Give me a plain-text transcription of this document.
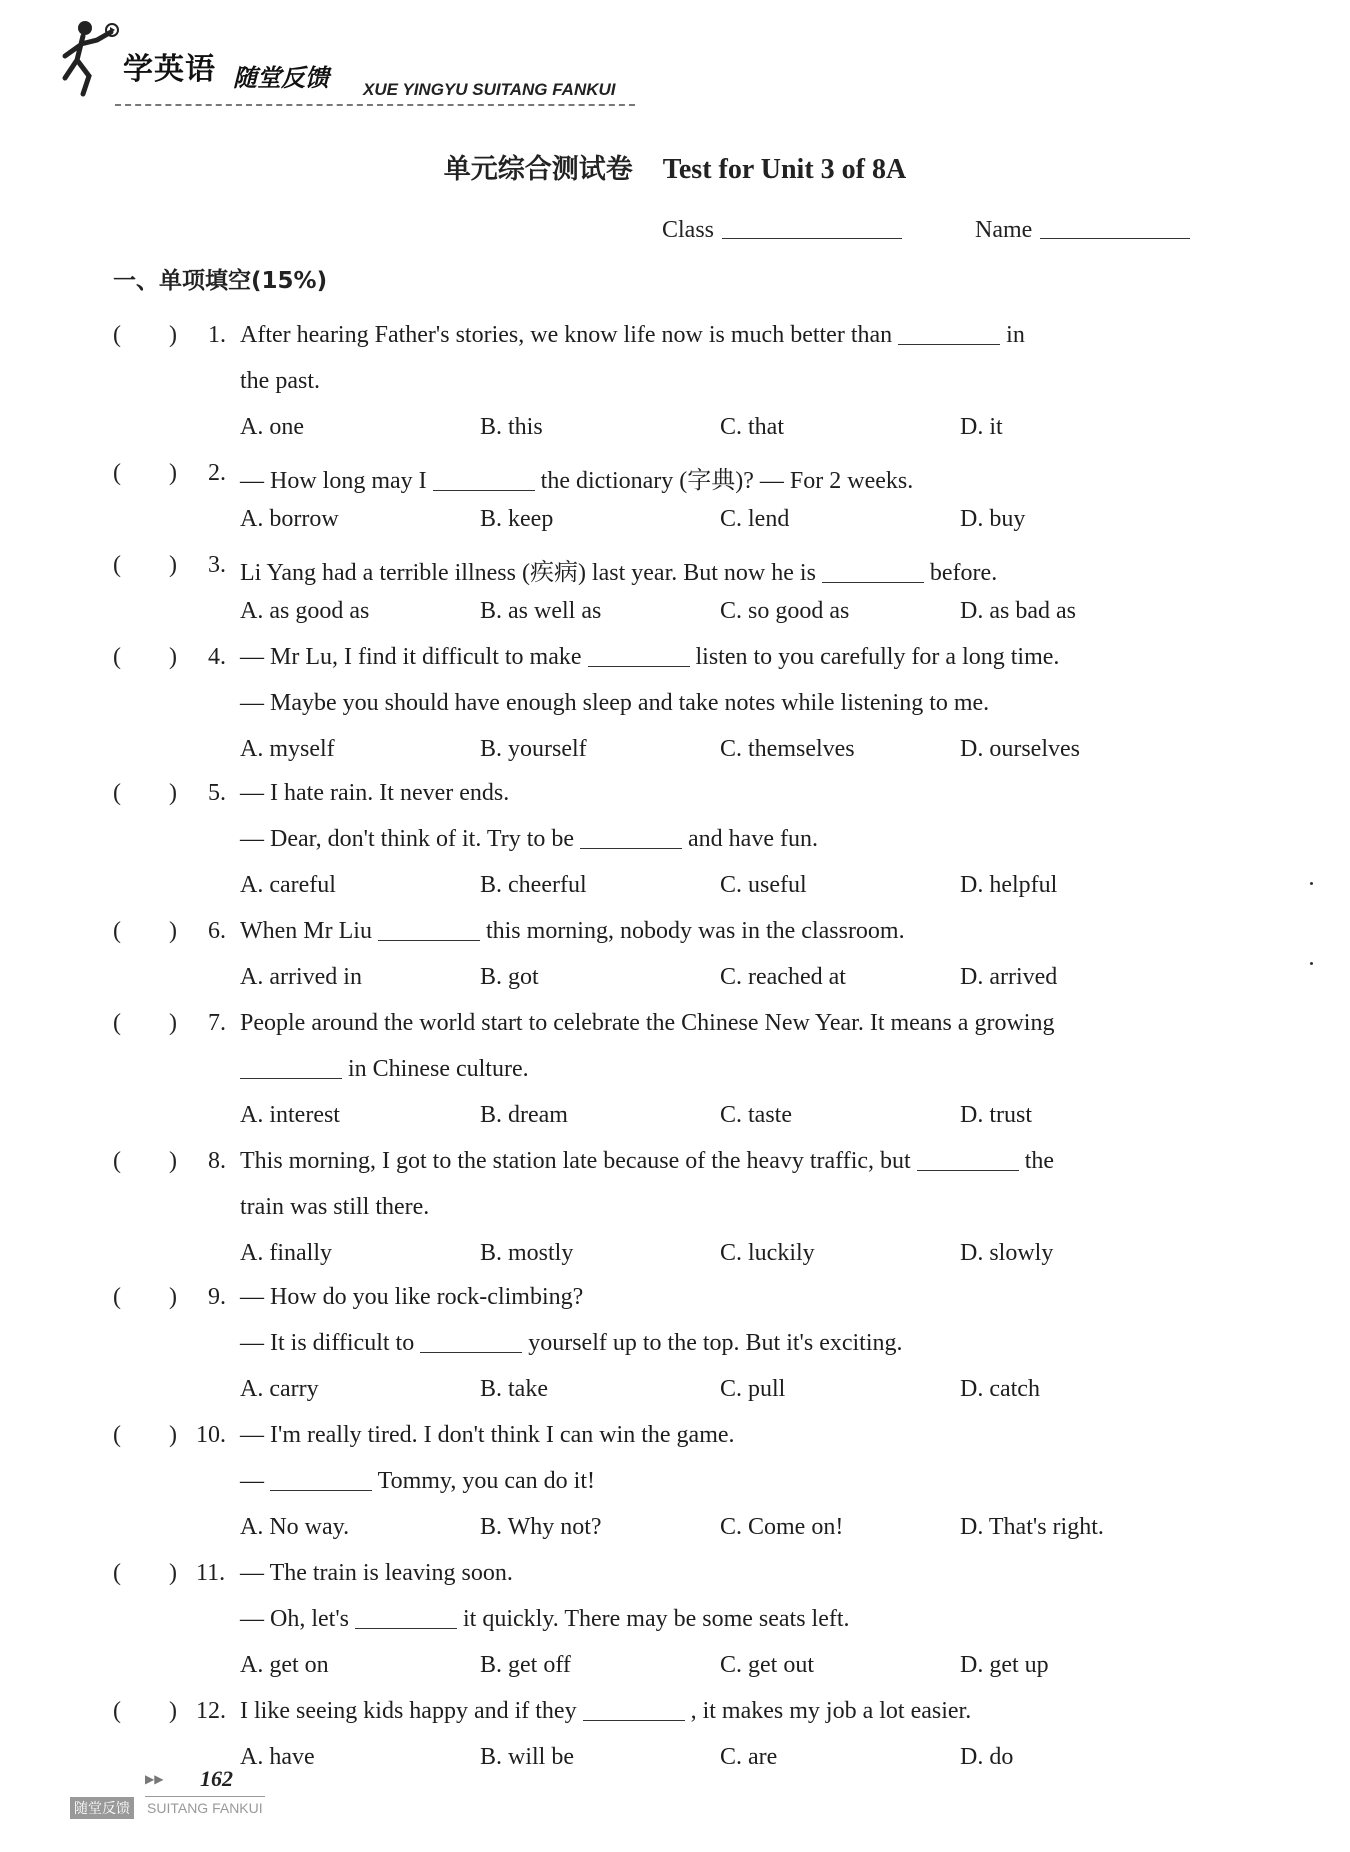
学英语 随堂反馈 XUE YINGYU SUITANG FANKUI
单元综合测试卷 Test for Unit 3 of 8A
Class	Name
一、单项填空(15%)
(  ) 1. After hearing Father's stories, we know life now is much better than	in
the past.
A. one	B. this	C. that	D. it
(  ) 2. — How long may I	the dictionary (字典)? — For 2 weeks.
A. borrow	B. keep	C. lend	D. buy
(  ) 3. Li Yang had a terrible illness (疾病) last year. But now he is	before.
A. as good as	B. as well as	C. so good as	D. as bad as
(  ) 4. — Mr Lu, I find it difficult to make	listen to you carefully for a long time.
— Maybe you should have enough sleep and take notes while listening to me.
A. myself	B. yourself	C. themselves	D. ourselves
(  ) 5. — I hate rain. It never ends.
— Dear, don't think of it. Try to be	and have fun.
A. careful	B. cheerful	C. useful	D. helpful
(  ) 6. When Mr Liu	this morning, nobody was in the classroom.
A. arrived in	B. got	C. reached at	D. arrived
(  ) 7. People around the world start to celebrate the Chinese New Year. It means a growing
in Chinese culture.
A. interest	B. dream	C. taste	D. trust
(  ) 8. This morning, I got to the station late because of the heavy traffic, but	the
train was still there.
A. finally	B. mostly	C. luckily	D. slowly
(  ) 9. — How do you like rock-climbing?
— It is difficult to	yourself up to the top. But it's exciting.
A. carry	B. take	C. pull	D. catch
(  ) 10. — I'm really tired. I don't think I can win the game.
—	Tommy, you can do it!
A. No way.	B. Why not?	C. Come on!	D. That's right.
(  ) 11. — The train is leaving soon.
— Oh, let's	it quickly. There may be some seats left.
A. get on	B. get off	C. get out	D. get up
(  ) 12. I like seeing kids happy and if they	, it makes my job a lot easier.
A. have	B. will be	C. are	D. do
▶▶ 162
随堂反馈 SUITANG FANKUI
